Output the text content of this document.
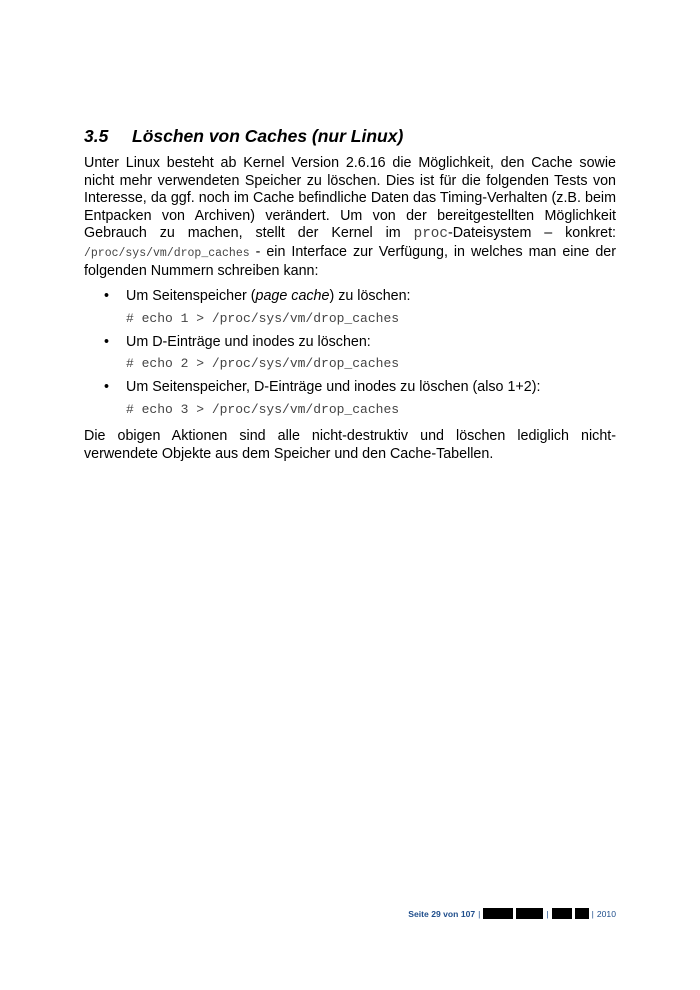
3.5 Löschen von Caches (nur Linux)

Unter Linux besteht ab Kernel Version 2.6.16 die Möglichkeit, den Cache sowie nicht mehr verwendeten Speicher zu löschen. Dies ist für die folgenden Tests von Interesse, da ggf. noch im Cache befindliche Daten das Timing-Verhalten (z.B. beim Entpacken von Archiven) verändert. Um von der bereitgestellten Möglichkeit Gebrauch zu machen, stellt der Kernel im proc-Dateisystem – konkret: /proc/sys/vm/drop_caches - ein Interface zur Verfügung, in welches man eine der folgenden Nummern schreiben kann:

• Um Seitenspeicher (page cache) zu löschen:
# echo 1 > /proc/sys/vm/drop_caches
• Um D-Einträge und inodes zu löschen:
# echo 2 > /proc/sys/vm/drop_caches
• Um Seitenspeicher, D-Einträge und inodes zu löschen (also 1+2):
# echo 3 > /proc/sys/vm/drop_caches

Die obigen Aktionen sind alle nicht-destruktiv und löschen lediglich nicht-verwendete Objekte aus dem Speicher und den Cache-Tabellen.

Seite 29 von 107 |	|	| 2010
